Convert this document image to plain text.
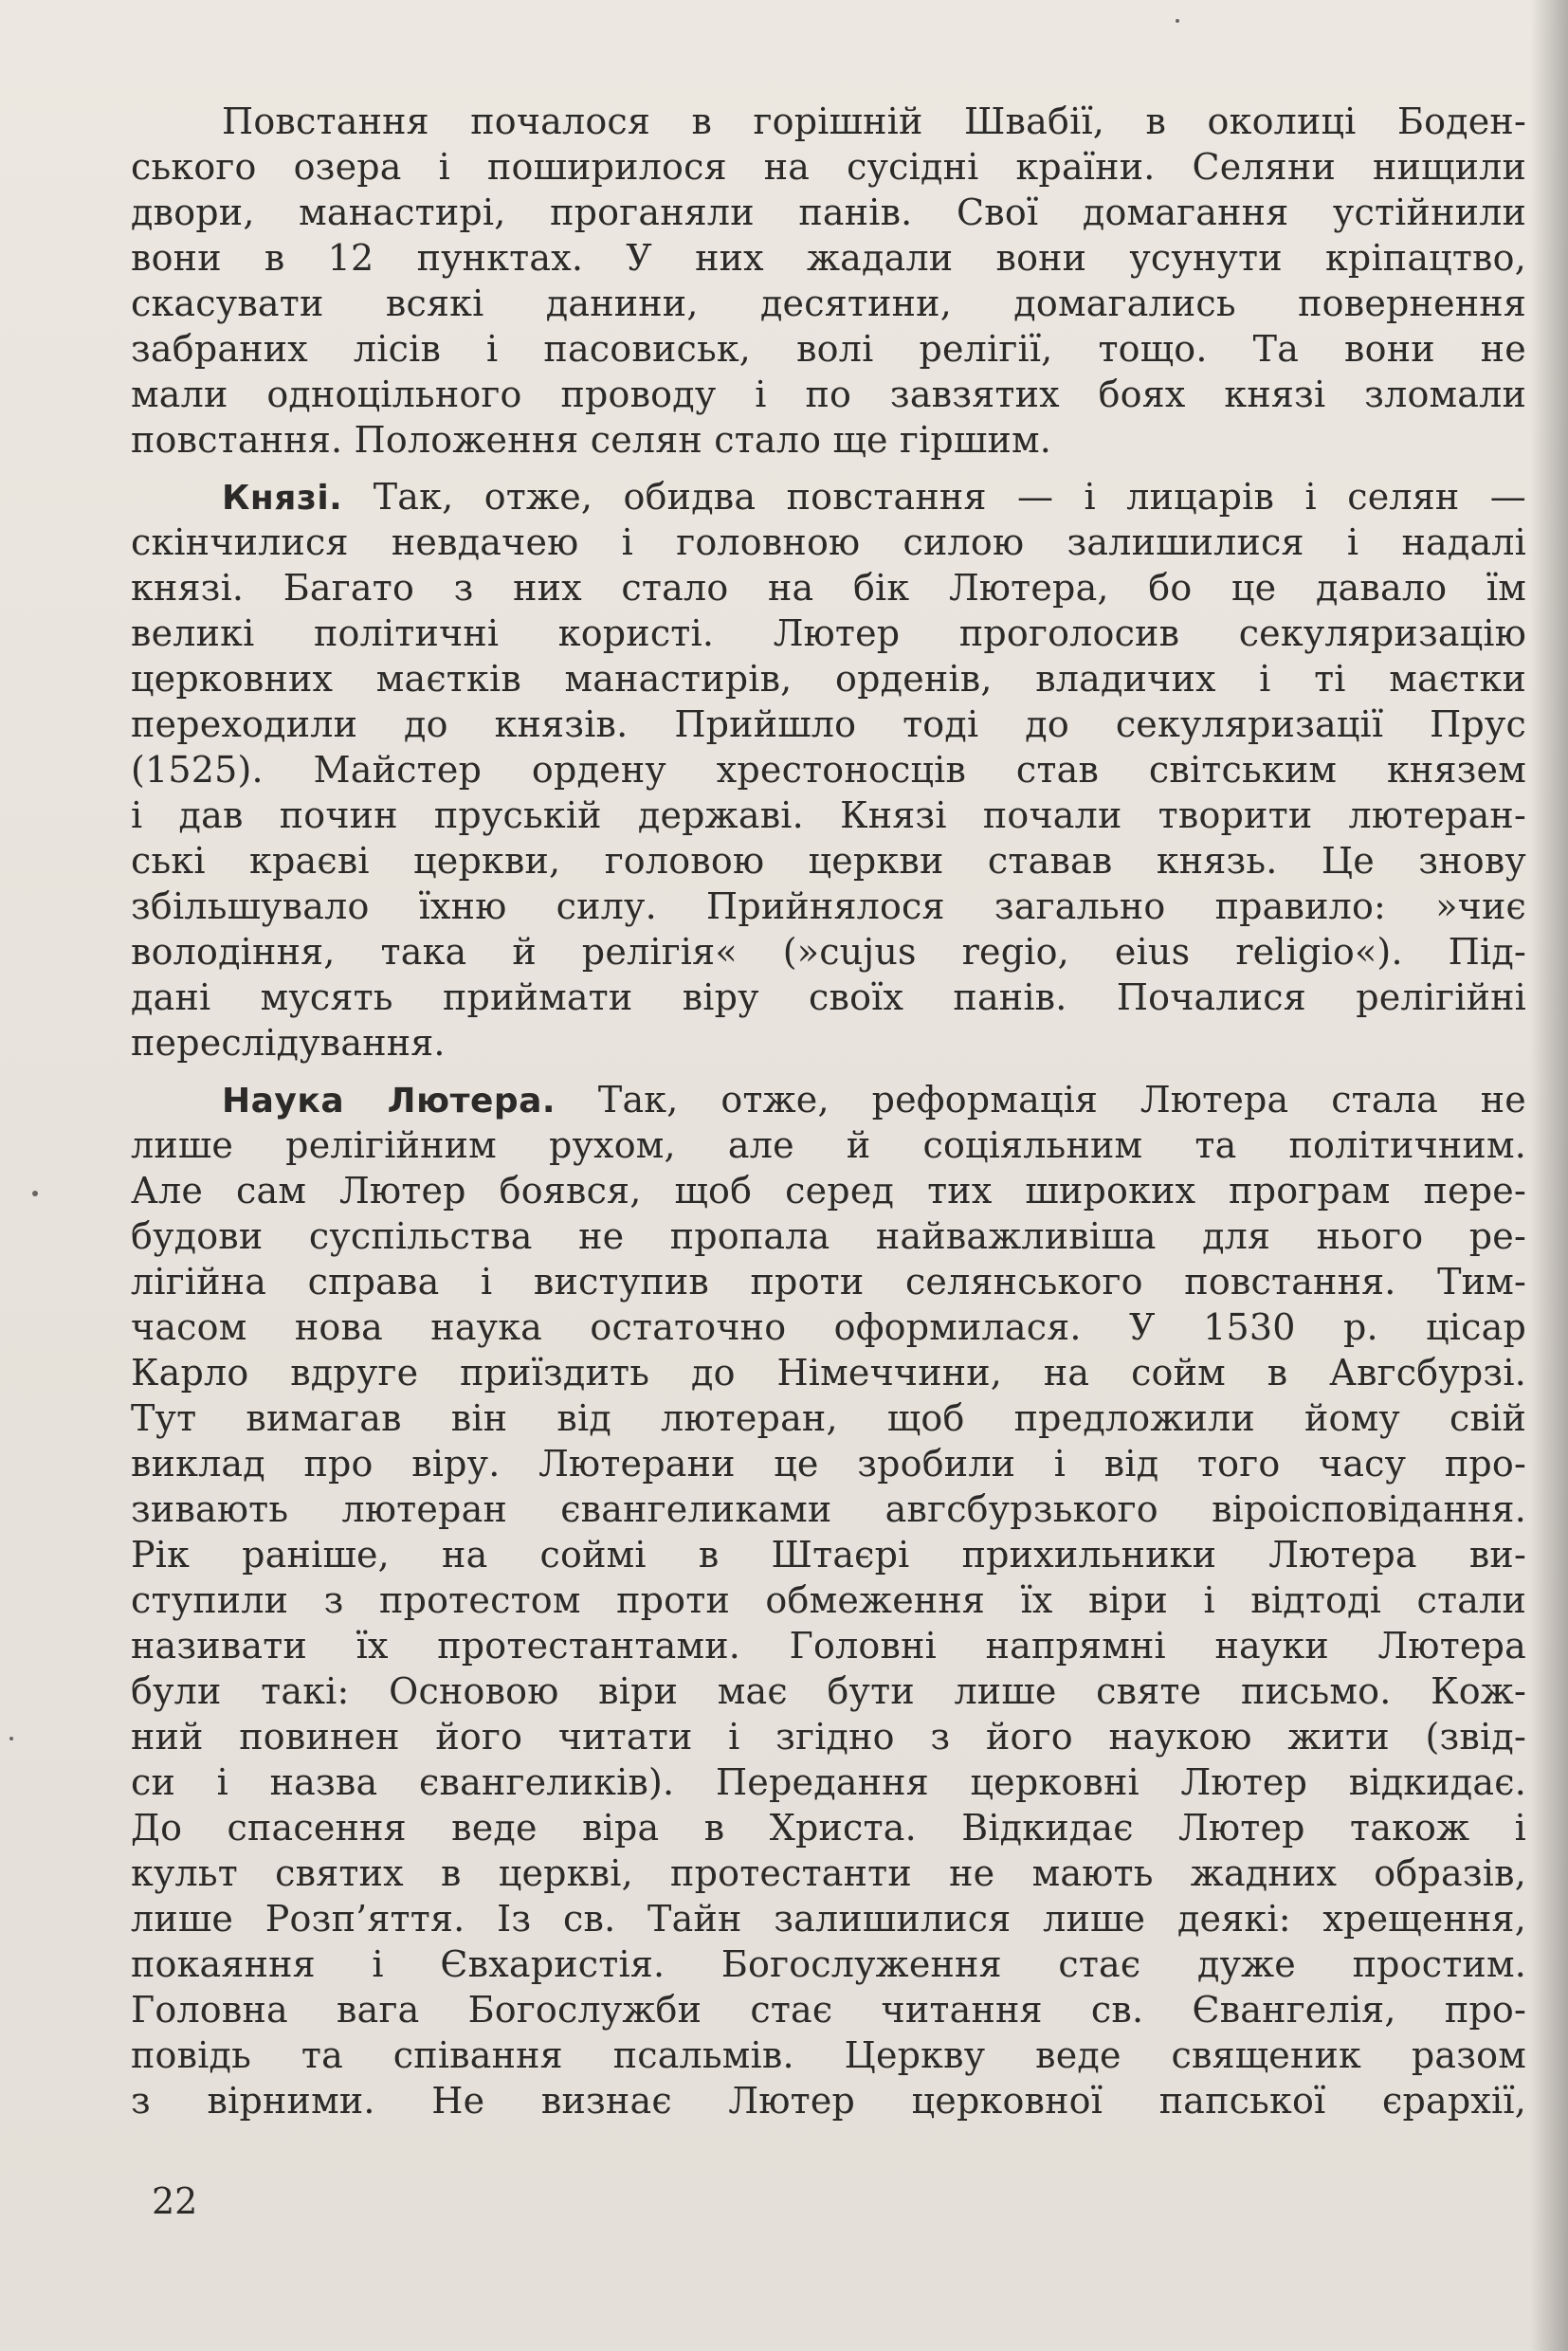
Повстання почалося в горішній Швабії, в околиці Боден-
ського озера і поширилося на сусідні країни. Селяни нищили
двори, манастирі, проганяли панів. Свої домагання устійнили
вони в 12 пунктах. У них жадали вони усунути кріпацтво,
скасувати всякі данини, десятини, домагались повернення
забраних лісів і пасовиськ, волі релігії, тощо. Та вони не
мали одноцільного проводу і по завзятих боях князі зломали
повстання. Положення селян стало ще гіршим.
Князі. Так, отже, обидва повстання — і лицарів і селян —
скінчилися невдачею і головною силою залишилися і надалі
князі. Багато з них стало на бік Лютера, бо це давало їм
великі політичні користі. Лютер проголосив секуляризацію
церковних маєтків манастирів, орденів, владичих і ті маєтки
переходили до князів. Прийшло тоді до секуляризації Прус
(1525). Майстер ордену хрестоносців став світським князем
і дав почин пруській державі. Князі почали творити лютеран-
ські краєві церкви, головою церкви ставав князь. Це знову
збільшувало їхню силу. Прийнялося загально правило: »чиє
володіння, така й релігія« (»cujus regio, eius religio«). Під-
дані мусять приймати віру своїх панів. Почалися релігійні
переслідування.
Наука Лютера. Так, отже, реформація Лютера стала не
лише релігійним рухом, але й соціяльним та політичним.
Але сам Лютер боявся, щоб серед тих широких програм пере-
будови суспільства не пропала найважливіша для нього ре-
лігійна справа і виступив проти селянського повстання. Тим-
часом нова наука остаточно оформилася. У 1530 р. цісар
Карло вдруге приїздить до Німеччини, на сойм в Авгсбурзі.
Тут вимагав він від лютеран, щоб предложили йому свій
виклад про віру. Лютерани це зробили і від того часу про-
зивають лютеран євангеликами авгсбурзького віроісповідання.
Рік раніше, на соймі в Штаєрі прихильники Лютера ви-
ступили з протестом проти обмеження їх віри і відтоді стали
називати їх протестантами. Головні напрямні науки Лютера
були такі: Основою віри має бути лише святе письмо. Кож-
ний повинен його читати і згідно з його наукою жити (звід-
си і назва євангеликів). Передання церковні Лютер відкидає.
До спасення веде віра в Христа. Відкидає Лютер також і
культ святих в церкві, протестанти не мають жадних образів,
лише Розп’яття. Із св. Тайн залишилися лише деякі: хрещення,
покаяння і Євхаристія. Богослуження стає дуже простим.
Головна вага Богослужби стає читання св. Євангелія, про-
повідь та співання псальмів. Церкву веде священик разом
з вірними. Не визнає Лютер церковної папської єрархії,
22
